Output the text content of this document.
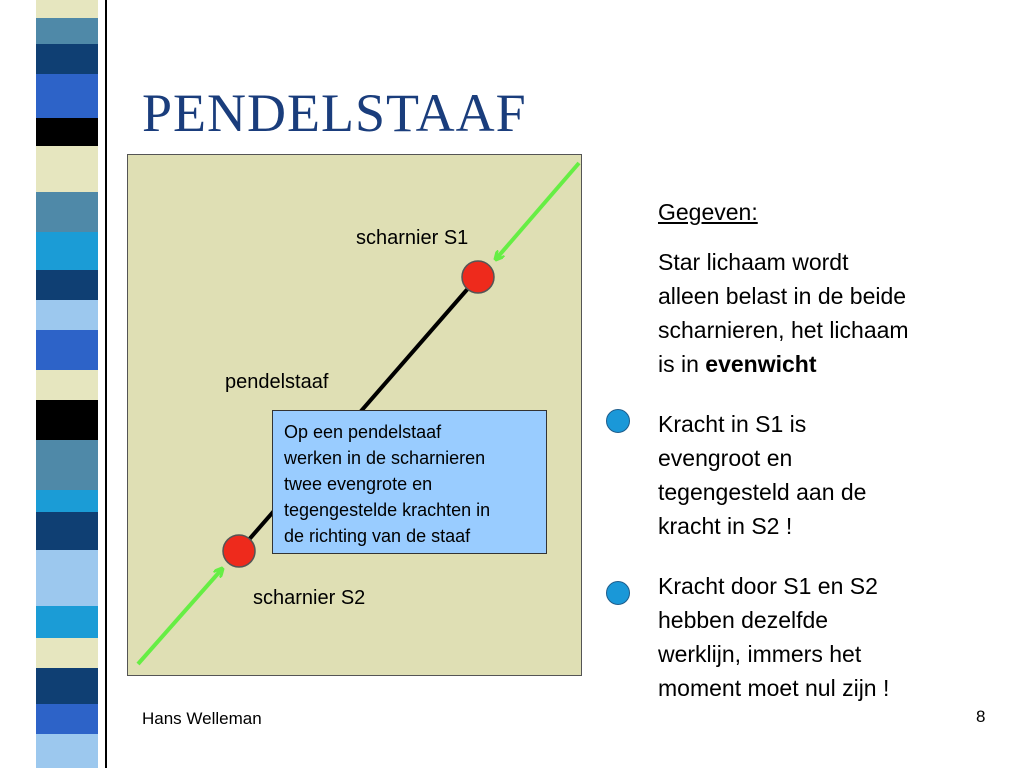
PENDELSTAAF
scharnier S1
pendelstaaf
scharnier S2
Op een pendelstaaf
werken in de scharnieren
twee evengrote en
tegengestelde krachten in
de richting van de staaf
Gegeven:
Star lichaam wordt
alleen belast in de beide
scharnieren, het lichaam
is in evenwicht
Kracht in S1 is
evengroot en
tegengesteld aan de
kracht in S2 !
Kracht door S1 en S2
hebben dezelfde
werklijn, immers het
moment moet nul zijn !
Hans Welleman	8
